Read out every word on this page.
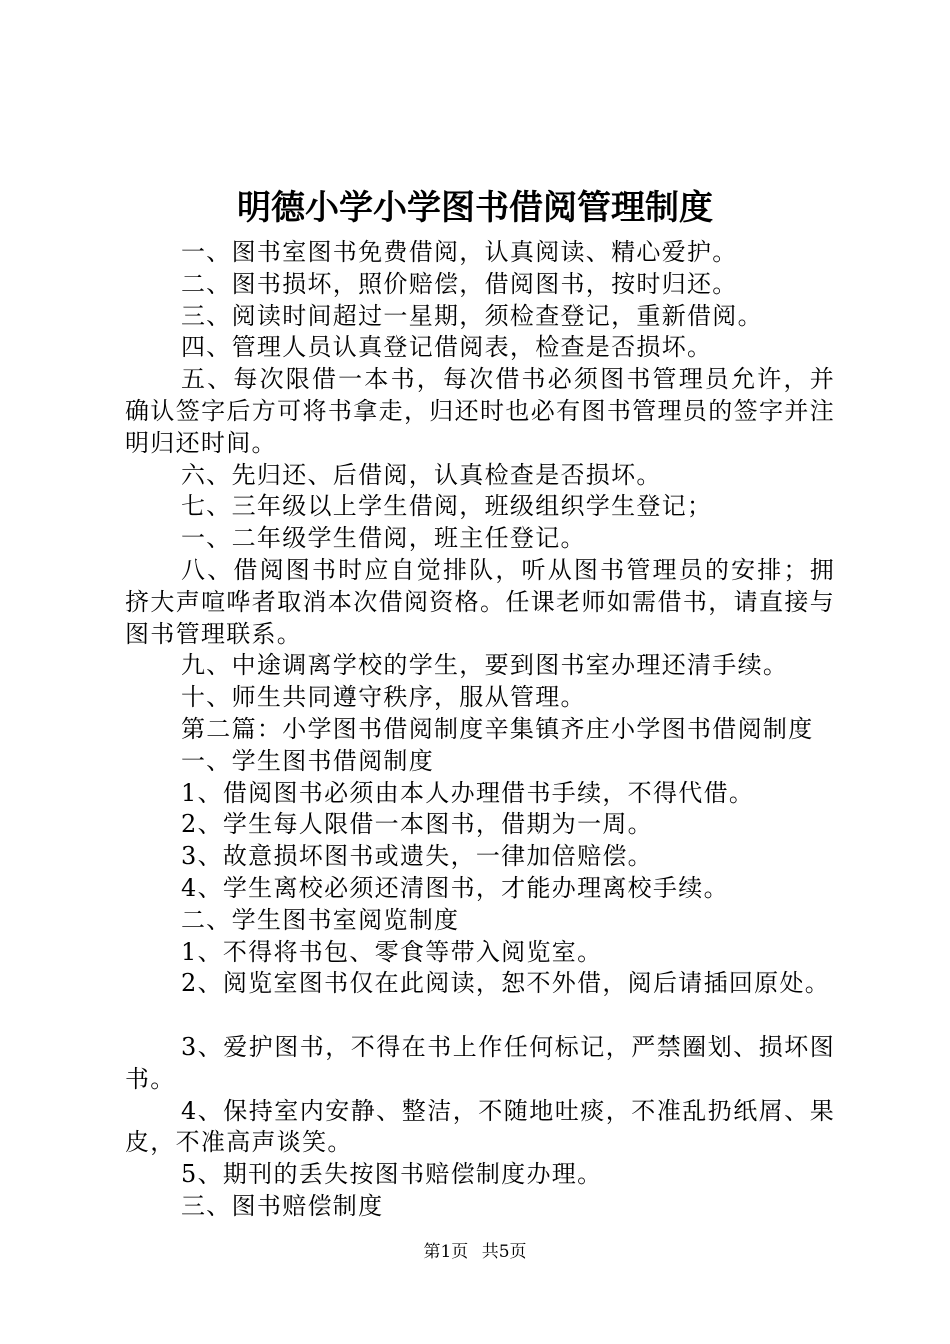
明德小学小学图书借阅管理制度

一、图书室图书免费借阅，认真阅读、精心爱护。

二、图书损坏，照价赔偿，借阅图书，按时归还。

三、阅读时间超过一星期，须检查登记，重新借阅。

四、管理人员认真登记借阅表，检查是否损坏。

五、每次限借一本书，每次借书必须图书管理员允许，并确认签字后方可将书拿走，归还时也必有图书管理员的签字并注明归还时间。

六、先归还、后借阅，认真检查是否损坏。

七、三年级以上学生借阅，班级组织学生登记；

一、二年级学生借阅，班主任登记。

八、借阅图书时应自觉排队，听从图书管理员的安排；拥挤大声喧哗者取消本次借阅资格。任课老师如需借书，请直接与图书管理联系。

九、中途调离学校的学生，要到图书室办理还清手续。

十、师生共同遵守秩序，服从管理。

第二篇：小学图书借阅制度辛集镇齐庄小学图书借阅制度

一、学生图书借阅制度

1、借阅图书必须由本人办理借书手续，不得代借。

2、学生每人限借一本图书，借期为一周。

3、故意损坏图书或遗失，一律加倍赔偿。

4、学生离校必须还清图书，才能办理离校手续。

二、学生图书室阅览制度

1、不得将书包、零食等带入阅览室。

2、阅览室图书仅在此阅读，恕不外借，阅后请插回原处。

3、爱护图书，不得在书上作任何标记，严禁圈划、损坏图书。

4、保持室内安静、整洁，不随地吐痰，不准乱扔纸屑、果皮，不准高声谈笑。

5、期刊的丢失按图书赔偿制度办理。

三、图书赔偿制度

第1页 共5页
